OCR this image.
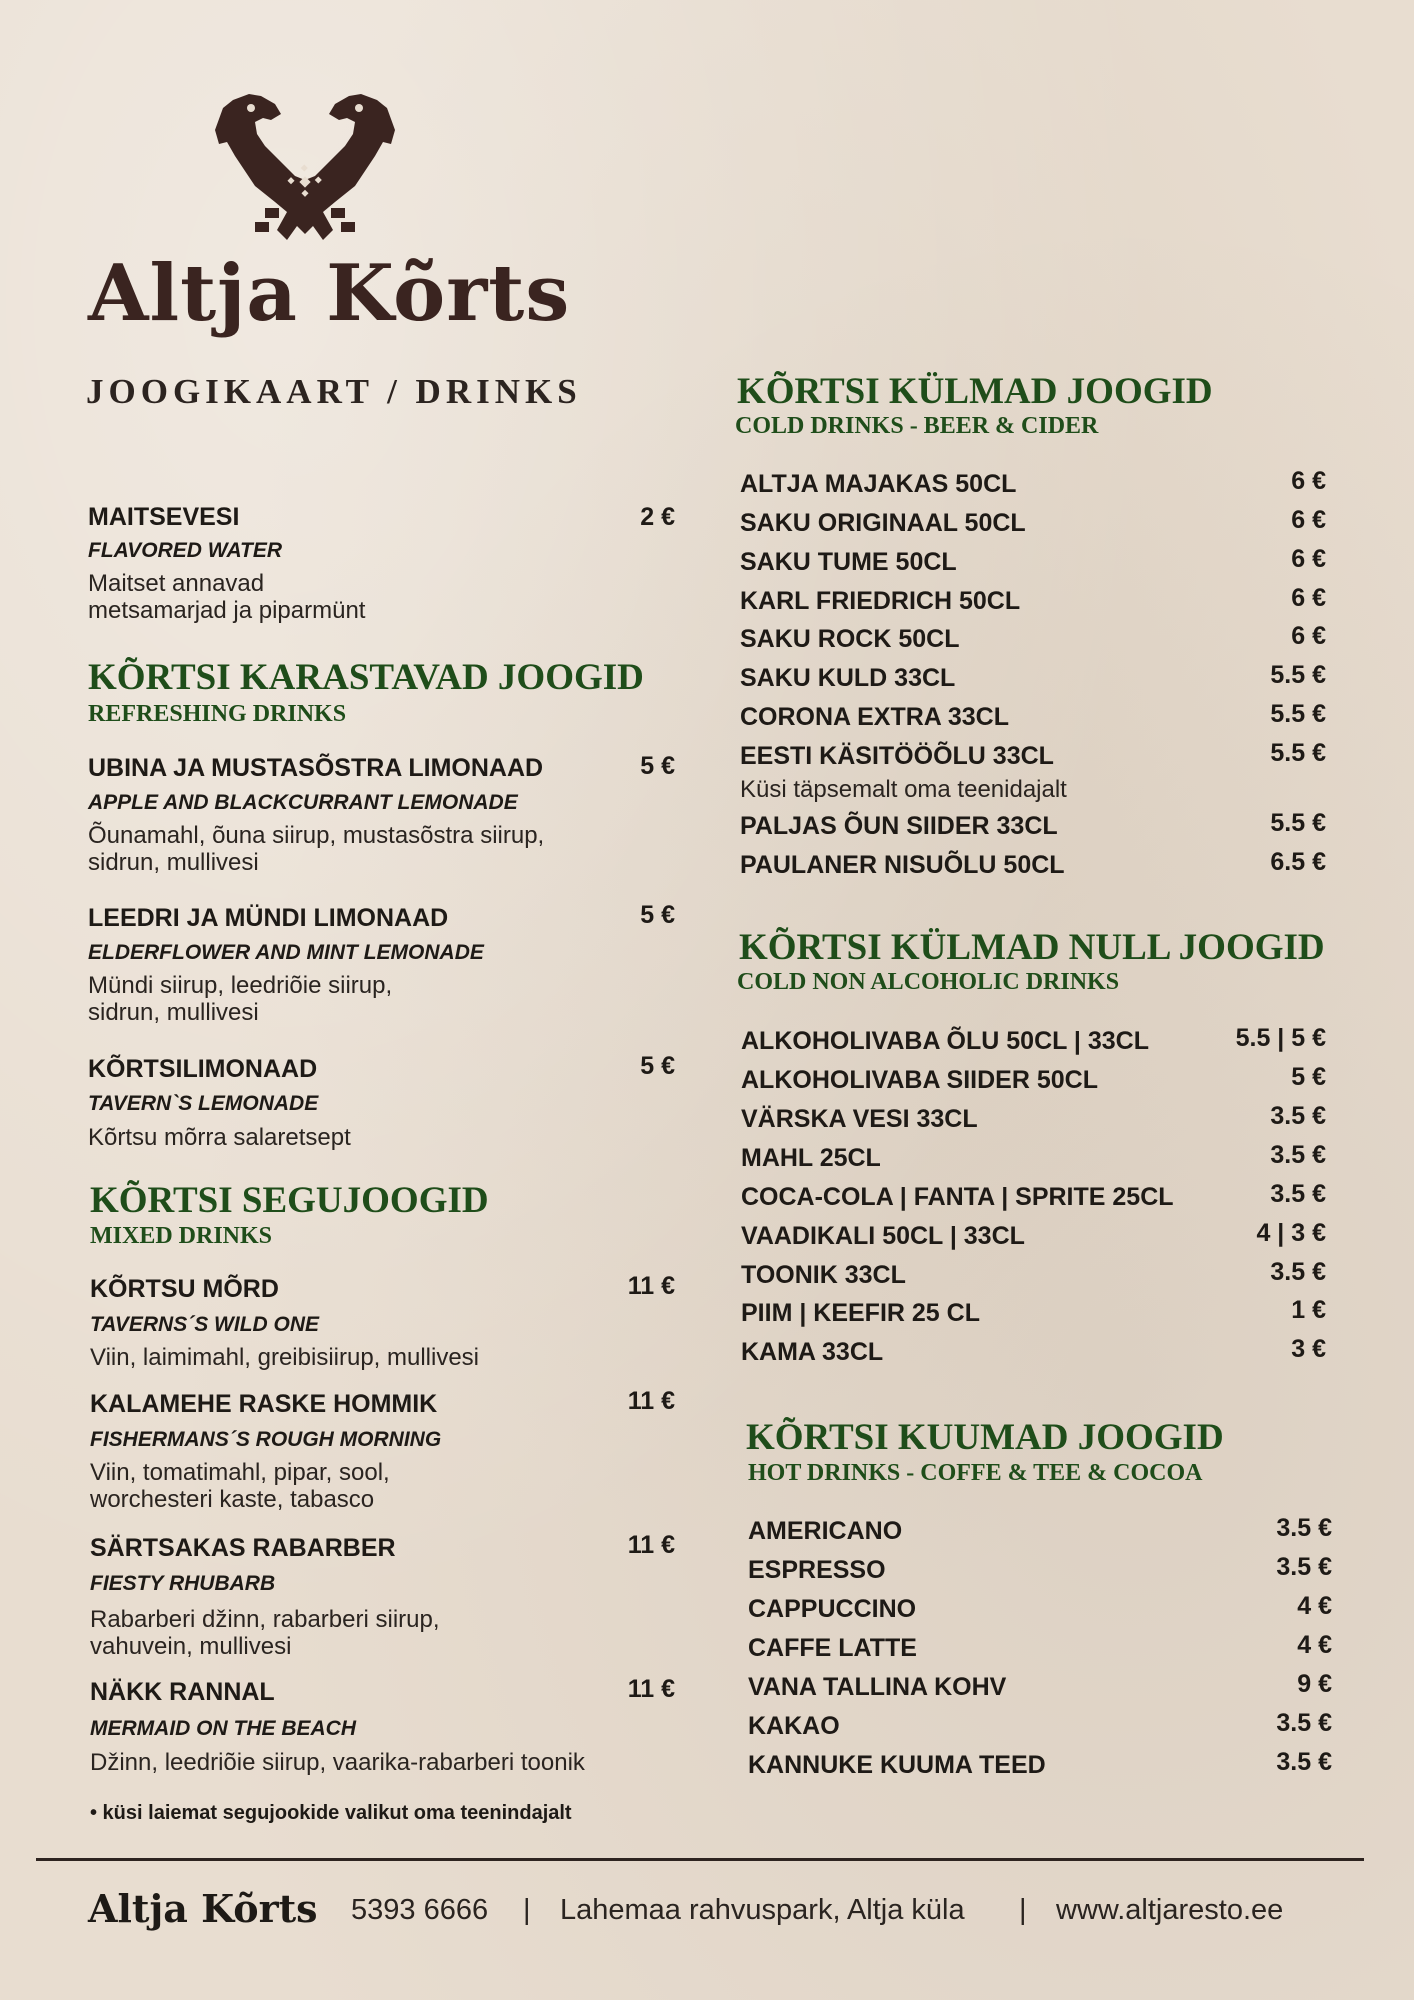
Altja Kõrts
JOOGIKAART / DRINKS
MAITSEVESI	2 €
FLAVORED WATER
Maitset annavad
metsamarjad ja piparmünt
KÕRTSI KARASTAVAD JOOGID
REFRESHING DRINKS
UBINA JA MUSTASÕSTRA LIMONAAD	5 €
APPLE AND BLACKCURRANT LEMONADE
Õunamahl, õuna siirup, mustasõstra siirup,
sidrun, mullivesi
LEEDRI JA MÜNDI LIMONAAD	5 €
ELDERFLOWER AND MINT LEMONADE
Mündi siirup, leedriõie siirup,
sidrun, mullivesi
KÕRTSILIMONAAD	5 €
TAVERN`S LEMONADE
Kõrtsu mõrra salaretsept
KÕRTSI SEGUJOOGID
MIXED DRINKS
KÕRTSU MÕRD	11 €
TAVERNS´S WILD ONE
Viin, laimimahl, greibisiirup, mullivesi
KALAMEHE RASKE HOMMIK	11 €
FISHERMANS´S ROUGH MORNING
Viin, tomatimahl, pipar, sool,
worchesteri kaste, tabasco
SÄRTSAKAS RABARBER	11 €
FIESTY RHUBARB
Rabarberi džinn, rabarberi siirup,
vahuvein, mullivesi
NÄKK RANNAL	11 €
MERMAID ON THE BEACH
Džinn, leedriõie siirup, vaarika-rabarberi toonik
• küsi laiemat segujookide valikut oma teenindajalt
KÕRTSI KÜLMAD JOOGID
COLD DRINKS - BEER & CIDER
ALTJA MAJAKAS 50CL	6 €
SAKU ORIGINAAL 50CL	6 €
SAKU TUME 50CL	6 €
KARL FRIEDRICH 50CL	6 €
SAKU ROCK 50CL	6 €
SAKU KULD 33CL	5.5 €
CORONA EXTRA 33CL	5.5 €
EESTI KÄSITÖÖÕLU 33CL	5.5 €
PALJAS ÕUN SIIDER 33CL	5.5 €
PAULANER NISUÕLU 50CL	6.5 €
Küsi täpsemalt oma teenidajalt
KÕRTSI KÜLMAD NULL JOOGID
COLD NON ALCOHOLIC DRINKS
ALKOHOLIVABA ÕLU 50CL | 33CL	5.5 | 5 €
ALKOHOLIVABA SIIDER 50CL	5 €
VÄRSKA VESI 33CL	3.5 €
MAHL 25CL	3.5 €
COCA-COLA | FANTA | SPRITE 25CL	3.5 €
VAADIKALI 50CL | 33CL	4 | 3 €
TOONIK 33CL	3.5 €
PIIM | KEEFIR 25 CL	1 €
KAMA 33CL	3 €
KÕRTSI KUUMAD JOOGID
HOT DRINKS - COFFE & TEE & COCOA
AMERICANO	3.5 €
ESPRESSO	3.5 €
CAPPUCCINO	4 €
CAFFE LATTE	4 €
VANA TALLINA KOHV	9 €
KAKAO	3.5 €
KANNUKE KUUMA TEED	3.5 €
Altja Kõrts 5393 6666 | Lahemaa rahvuspark, Altja küla | www.altjaresto.ee
